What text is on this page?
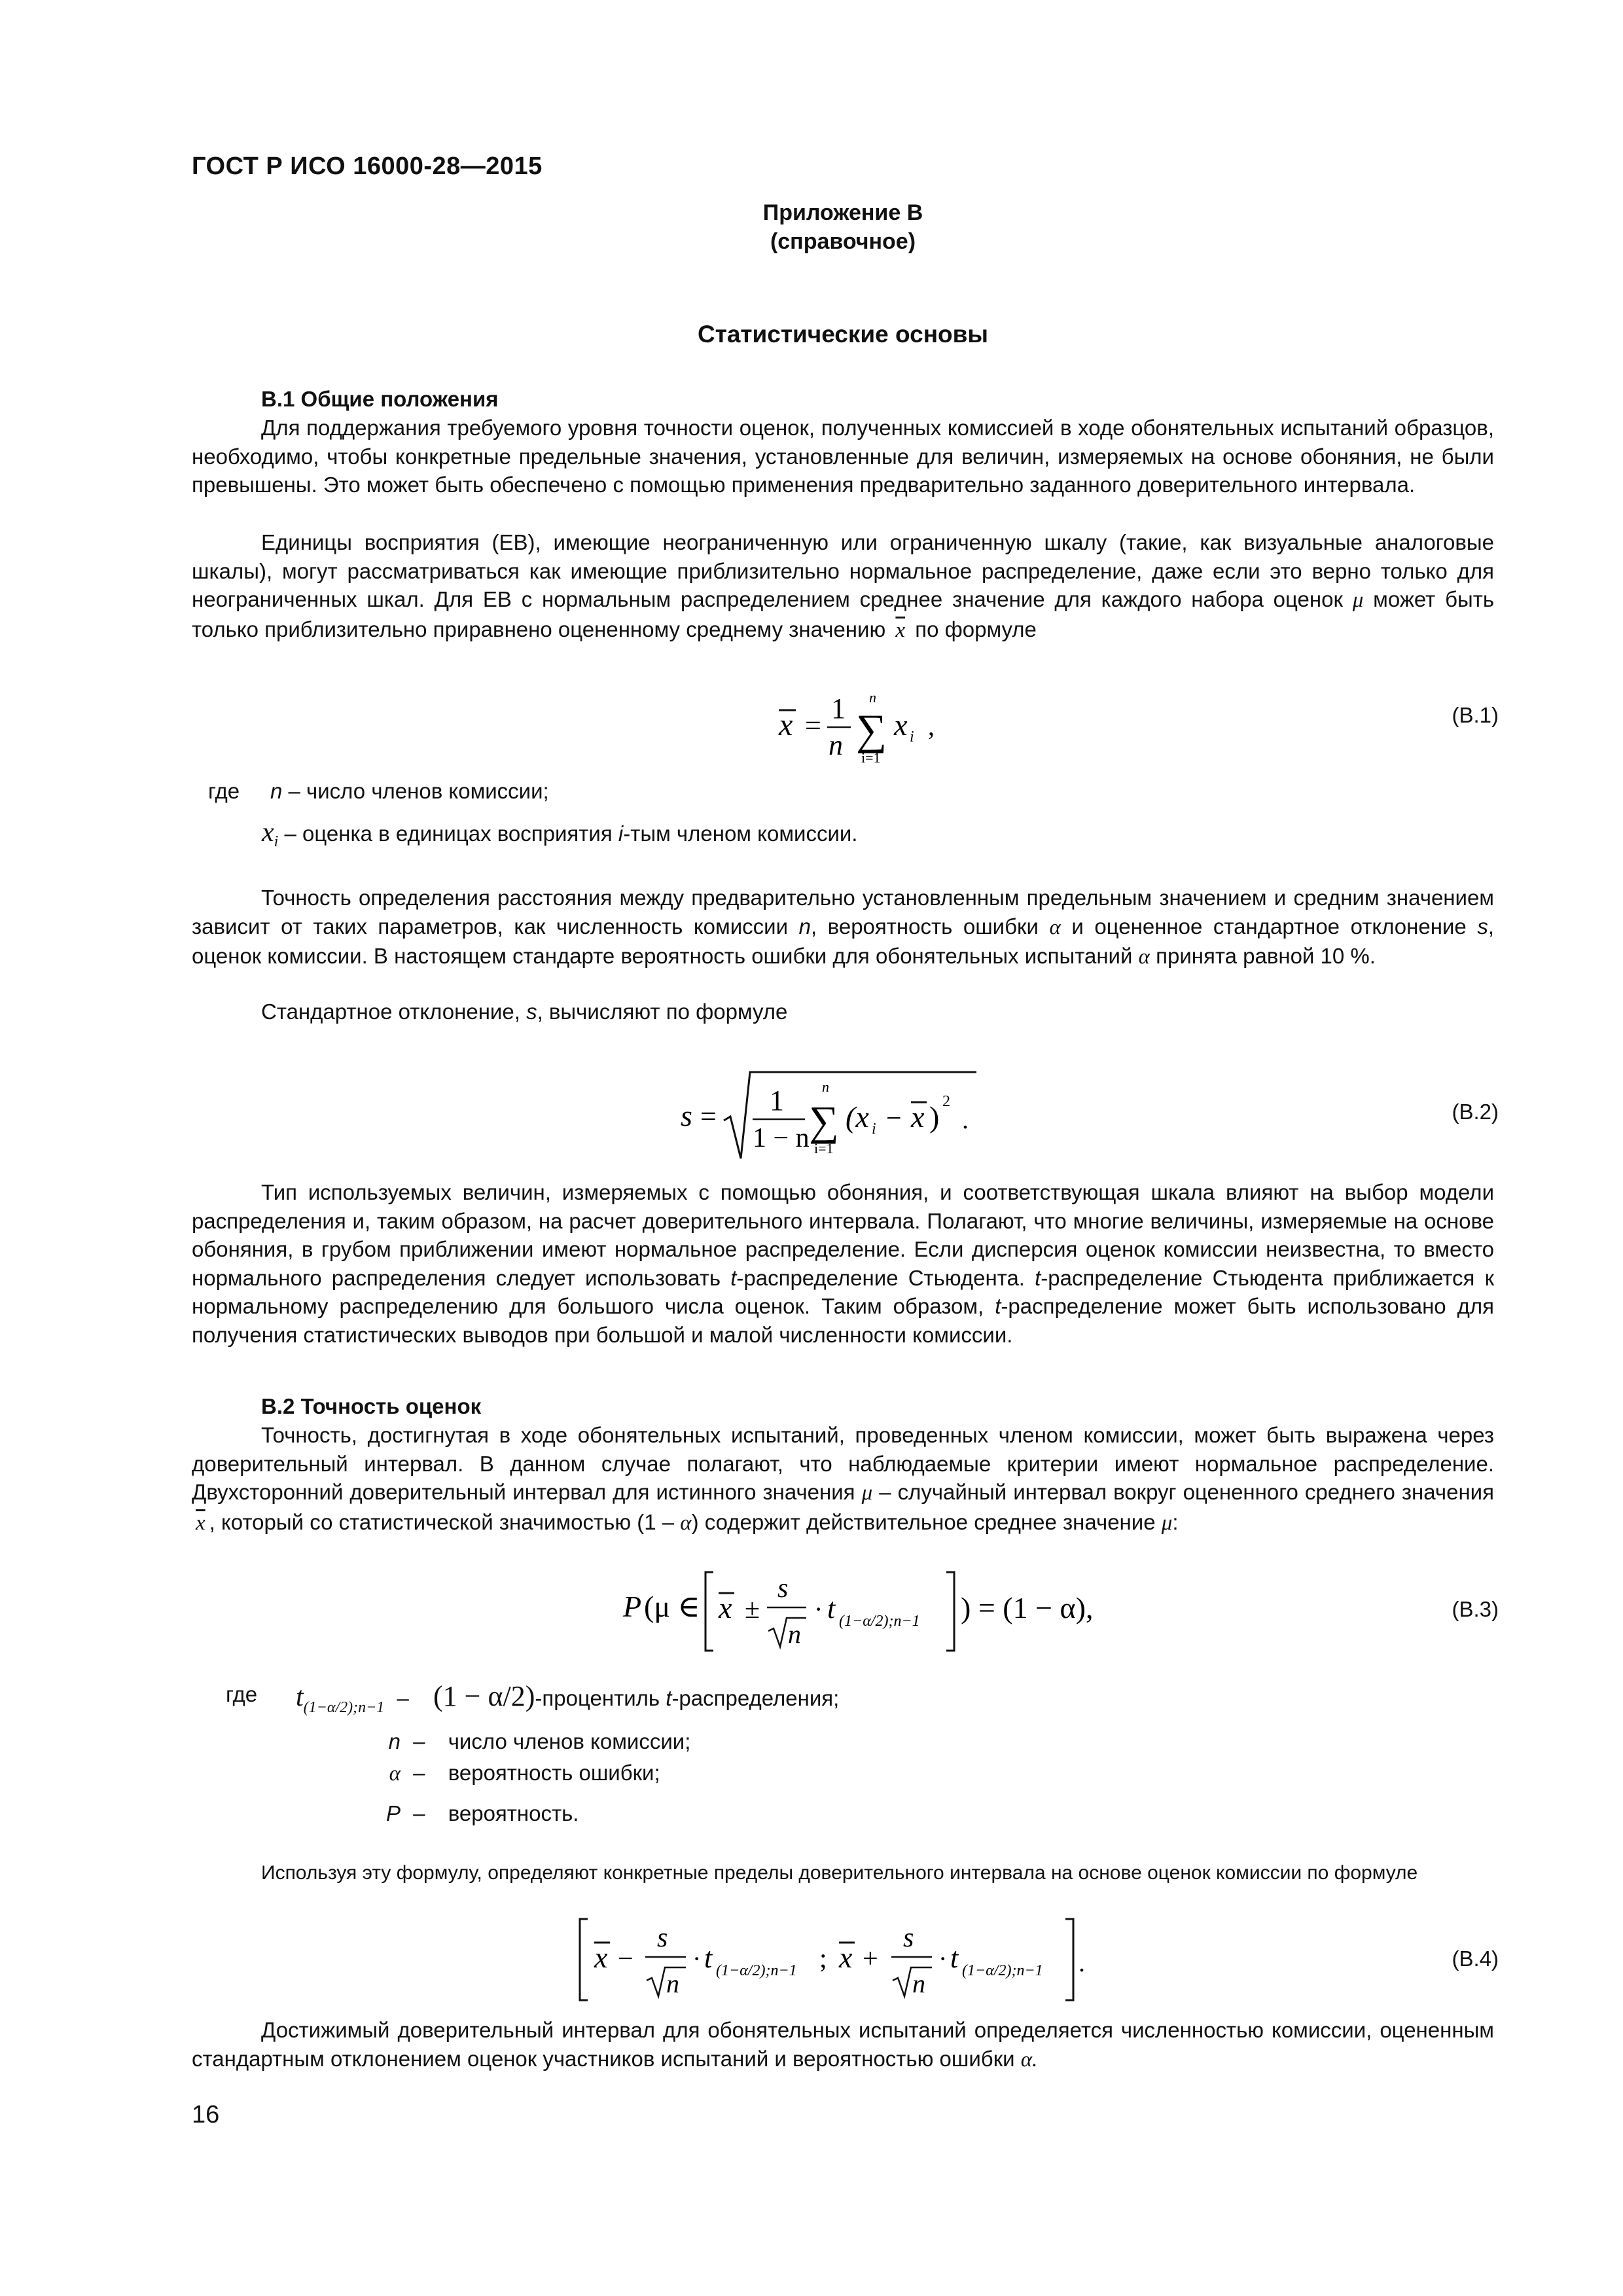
ГОСТ Р ИСО 16000-28—2015
Приложение В
(справочное)
Статистические основы
В.1 Общие положения
Для поддержания требуемого уровня точности оценок, полученных комиссией в ходе обонятельных испытаний образцов, необходимо, чтобы конкретные предельные значения, установленные для величин, измеряемых на основе обоняния, не были превышены. Это может быть обеспечено с помощью применения предварительно заданного доверительного интервала.
Единицы восприятия (ЕВ), имеющие неограниченную или ограниченную шкалу (такие, как визуальные аналоговые шкалы), могут рассматриваться как имеющие приблизительно нормальное распределение, даже если это верно только для неограниченных шкал. Для ЕВ с нормальным распределением среднее значение для каждого набора оценок μ может быть только приблизительно приравнено оцененному среднему значению $\overline{x}$ по формуле
x =
1
n ∑
n
i=1
x i ,	(В.1)
где n – число членов комиссии;
$x_i$ – оценка в единицах восприятия i-тым членом комиссии.
Точность определения расстояния между предварительно установленным предельным значением и средним значением зависит от таких параметров, как численность комиссии n, вероятность ошибки α и оцененное стандартное отклонение s, оценок комиссии. В настоящем стандарте вероятность ошибки для обонятельных испытаний α принята равной 10 %.
Стандартное отклонение, s, вычисляют по формуле
s = 1
1 − n ∑
n
i=1
(x i − x ) 2
.	(В.2)
Тип используемых величин, измеряемых с помощью обоняния, и соответствующая шкала влияют на выбор модели распределения и, таким образом, на расчет доверительного интервала. Полагают, что многие величины, измеряемые на основе обоняния, в грубом приближении имеют нормальное распределение. Если дисперсия оценок комиссии неизвестна, то вместо нормального распределения следует использовать t-распределение Стьюдента. t-распределение Стьюдента приближается к нормальному распределению для большого числа оценок. Таким образом, t-распределение может быть использовано для получения статистических выводов при большой и малой численности комиссии.
В.2 Точность оценок
Точность, достигнутая в ходе обонятельных испытаний, проведенных членом комиссии, может быть выражена через доверительный интервал. В данном случае полагают, что наблюдаемые критерии имеют нормальное распределение. Двухсторонний доверительный интервал для истинного значения μ – случайный интервал вокруг оцененного среднего значения $\overline{x}$ , который со статистической значимостью (1 – α) содержит действительное среднее значение μ:
P (μ ∈ x ±
s
n
· t (1−α/2);n−1 ) = (1 − α),	(В.3)
где $t_{(1-\alpha/2);n-1} - (1$ − α/2)-процентиль t-распределения;
n – число членов комиссии;
α – вероятность ошибки;
P – вероятность.
Используя эту формулу, определяют конкретные пределы доверительного интервала на основе оценок комиссии по формуле
x −
s
n
· t (1−α/2);n−1 ; x +
s
n
· t (1−α/2);n−1 .	(В.4)
Достижимый доверительный интервал для обонятельных испытаний определяется численностью комиссии, оцененным стандартным отклонением оценок участников испытаний и вероятностью ошибки α.
16
